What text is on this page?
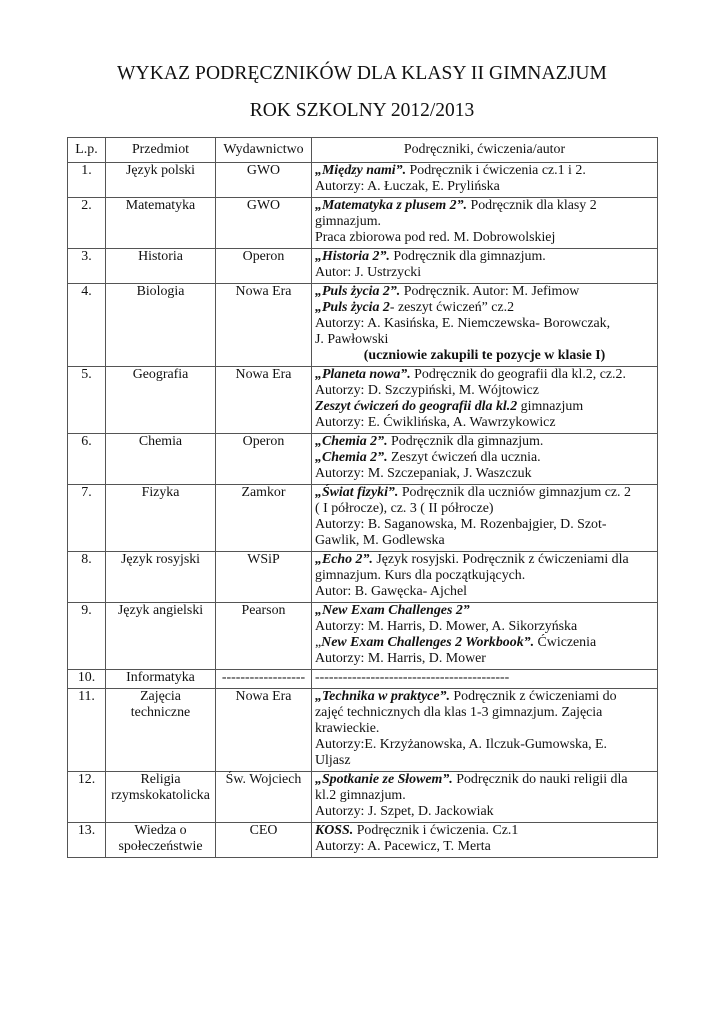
WYKAZ PODRĘCZNIKÓW DLA KLASY II GIMNAZJUM
ROK SZKOLNY 2012/2013
L.p.	Przedmiot	Wydawnictwo	Podręczniki, ćwiczenia/autor
1.	Język polski	GWO	„Między nami”. Podręcznik i ćwiczenia cz.1 i 2.
Autorzy: A. Łuczak, E. Prylińska

2.	Matematyka	GWO	„Matematyka z plusem 2”. Podręcznik dla klasy 2
gimnazjum.
Praca zbiorowa pod red. M. Dobrowolskiej

3.	Historia	Operon	„Historia 2”. Podręcznik dla gimnazjum.
Autor: J. Ustrzycki

4.	Biologia	Nowa Era	„Puls życia 2”. Podręcznik. Autor: M. Jefimow
„Puls życia 2- zeszyt ćwiczeń” cz.2
Autorzy: A. Kasińska, E. Niemczewska- Borowczak,
J. Pawłowski
(uczniowie zakupili te pozycje w klasie I)

5.	Geografia	Nowa Era	„Planeta nowa”. Podręcznik do geografii dla kl.2, cz.2.
Autorzy: D. Szczypiński, M. Wójtowicz
Zeszyt ćwiczeń do geografii dla kl.2 gimnazjum
Autorzy: E. Ćwiklińska, A. Wawrzykowicz

6.	Chemia	Operon	„Chemia 2”. Podręcznik dla gimnazjum.
„Chemia 2”. Zeszyt ćwiczeń dla ucznia.
Autorzy: M. Szczepaniak, J. Waszczuk

7.	Fizyka	Zamkor	„Świat fizyki”. Podręcznik dla uczniów gimnazjum cz. 2
( I półrocze), cz. 3 ( II półrocze)
Autorzy: B. Saganowska, M. Rozenbajgier, D. Szot-
Gawlik, M. Godlewska

8.	Język rosyjski	WSiP	„Echo 2”. Język rosyjski. Podręcznik z ćwiczeniami dla
gimnazjum. Kurs dla początkujących.
Autor: B. Gawęcka- Ajchel

9.	Język angielski	Pearson	„New Exam Challenges 2”
Autorzy: M. Harris, D. Mower, A. Sikorzyńska
„New Exam Challenges 2 Workbook”. Ćwiczenia
Autorzy: M. Harris, D. Mower

10.	Informatyka	------------------	------------------------------------------

11.	Zajęcia
techniczne	Nowa Era	„Technika w praktyce”. Podręcznik z ćwiczeniami do
zajęć technicznych dla klas 1-3 gimnazjum. Zajęcia
krawieckie.
Autorzy:E. Krzyżanowska, A. Ilczuk-Gumowska, E.
Uljasz

12.	Religia
rzymskokatolicka	Św. Wojciech	„Spotkanie ze Słowem”. Podręcznik do nauki religii dla
kl.2 gimnazjum.
Autorzy: J. Szpet, D. Jackowiak

13.	Wiedza o
społeczeństwie	CEO	KOSS. Podręcznik i ćwiczenia. Cz.1
Autorzy: A. Pacewicz, T. Merta
